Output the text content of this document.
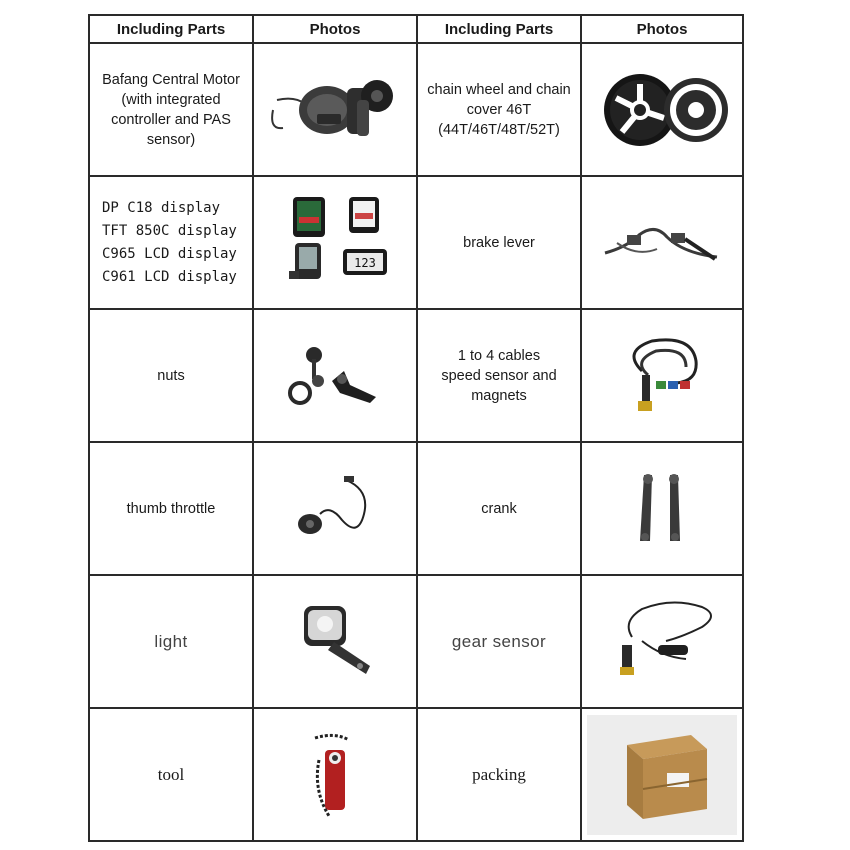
Including Parts	Photos	Including Parts	Photos

Bafang Central Motor
(with integrated
controller and PAS
sensor)		chain wheel and chain
cover 46T
(44T/46T/48T/52T)

DP C18 display
TFT 850C display
C965 LCD display
C961 LCD display	123	brake lever

nuts		1 to 4 cables
speed sensor and
magnets

thumb throttle		crank

light		gear sensor

tool		packing
